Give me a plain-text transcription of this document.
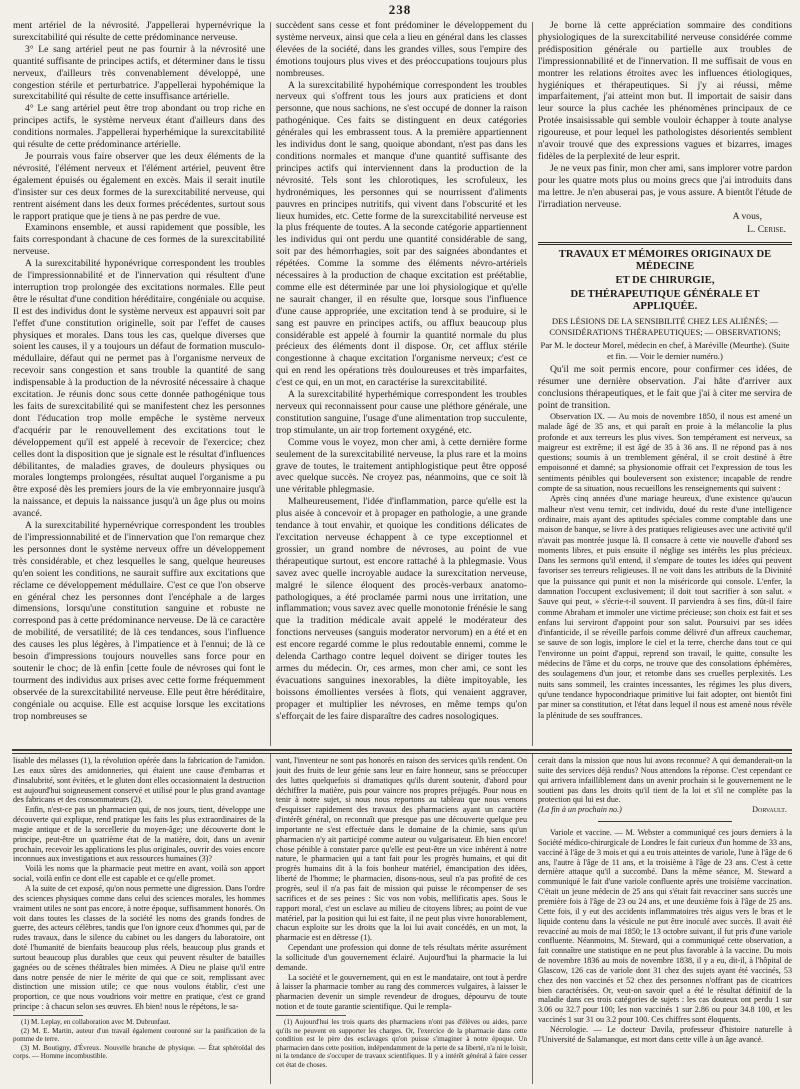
238

ment artériel de la névrosité. J'appellerai hypernévrique la surexcitabilité qui résulte de cette prédominance nerveuse.

3° Le sang artériel peut ne pas fournir à la névrosité une quantité suffisante de principes actifs, et déterminer dans le tissu nerveux, d'ailleurs très convenablement développé, une congestion stérile et perturbatrice. J'appellerai hypohémique la surexcitabilité qui résulte de cette insuffisance artérielle.

4° Le sang artériel peut être trop abondant ou trop riche en principes actifs, le système nerveux étant d'ailleurs dans des conditions normales. J'appellerai hyperhémique la surexcitabilité qui résulte de cette prédominance artérielle.

Je pourrais vous faire observer que les deux éléments de la névrosité, l'élément nerveux et l'élément artériel, peuvent être également épuisés ou également en excès. Mais il serait inutile d'insister sur ces deux formes de la surexcitabilité nerveuse, qui rentrent aisément dans les deux formes précédentes, surtout sous le rapport pratique que je tiens à ne pas perdre de vue.

Examinons ensemble, et aussi rapidement que possible, les faits correspondant à chacune de ces formes de la surexcitabilité nerveuse.

A la surexcitabilité hyponévrique correspondent les troubles de l'impressionnabilité et de l'innervation qui résultent d'une interruption trop prolongée des excitations normales. Elle peut être le résultat d'une condition héréditaire, congéniale ou acquise. Il est des individus dont le système nerveux est appauvri soit par l'effet d'une constitution originelle, soit par l'effet de causes physiques et morales. Dans tous les cas, quelque diverses que soient les causes, il y a toujours un défaut de formation musculo-médullaire, défaut qui ne permet pas à l'organisme nerveux de recevoir sans congestion et sans trouble la quantité de sang indispensable à la production de la névrosité nécessaire à chaque excitation. Je réunis donc sous cette donnée pathogénique tous les faits de surexcitabilité qui se manifestent chez les personnes dont l'éducation trop molle empêche le système nerveux d'acquérir par le renouvellement des excitations tout le développement qu'il est appelé à recevoir de l'exercice; chez celles dont la disposition que je signale est le résultat d'influences débilitantes, de maladies graves, de douleurs physiques ou morales longtemps prolongées, résultat auquel l'organisme a pu être exposé dès les premiers jours de la vie embryonnaire jusqu'à la naissance, et depuis la naissance jusqu'à un âge plus ou moins avancé.

A la surexcitabilité hypernévrique correspondent les troubles de l'impressionnabilité et de l'innervation que l'on remarque chez les personnes dont le système nerveux offre un développement très considérable, et chez lesquelles le sang, quelque heureuses qu'en soient les conditions, ne saurait suffire aux excitations que réclame ce développement médullaire. C'est ce que l'on observe en général chez les personnes dont l'encéphale a de larges dimensions, lorsqu'une constitution sanguine et robuste ne correspond pas à cette prédominance nerveuse. De là ce caractère de mobilité, de versatilité; de là ces tendances, sous l'influence des causes les plus légères, à l'impatience et à l'ennui; de là ce besoin d'impressions toujours nouvelles sans force pour en soutenir le choc; de là enfin [cette foule de névroses qui font le tourment des individus aux prises avec cette forme fréquemment observée de la surexcitabilité nerveuse. Elle peut être héréditaire, congéniale ou acquise. Elle est acquise lorsque les excitations trop nombreuses se

succèdent sans cesse et font prédominer le développement du système nerveux, ainsi que cela a lieu en général dans les classes élevées de la société, dans les grandes villes, sous l'empire des émotions toujours plus vives et des préoccupations toujours plus nombreuses.

A la surexcitabilité hypohémique correspondent les troubles nerveux qui s'offrent tous les jours aux praticiens et dont personne, que nous sachions, ne s'est occupé de donner la raison pathogénique. Ces faits se distinguent en deux catégories générales qui les embrassent tous. A la première appartiennent les individus dont le sang, quoique abondant, n'est pas dans les conditions normales et manque d'une quantité suffisante des principes actifs qui interviennent dans la production de la névrosité. Tels sont les chlorotiques, les scrofuleux, les hydronémiques, les personnes qui se nourrissent d'aliments pauvres en principes nutritifs, qui vivent dans l'obscurité et les lieux humides, etc. Cette forme de la surexcitabilité nerveuse est la plus fréquente de toutes. A la seconde catégorie appartiennent les individus qui ont perdu une quantité considérable de sang, soit par des hémorrhagies, soit par des saignées abondantes et répétées. Comme la somme des éléments névro-artériels nécessaires à la production de chaque excitation est préétablie, comme elle est déterminée par une loi physiologique et qu'elle ne saurait changer, il en résulte que, lorsque sous l'influence d'une cause appropriée, une excitation tend à se produire, si le sang est pauvre en principes actifs, ou afflux beaucoup plus considérable est appelé à fournir la quantité normale du plus précieux des éléments dont il dispose. Or, cet afflux stérile congestionne à chaque excitation l'organisme nerveux; c'est ce qui en rend les opérations très douloureuses et très imparfaites, c'est ce qui, en un mot, en caractérise la surexcitabilité.

A la surexcitabilité hyperhémique correspondent les troubles nerveux qui reconnaissent pour cause une pléthore générale, une constitution sanguine, l'usage d'une alimentation trop succulente, trop stimulante, un air trop fortement oxygéné, etc.

Comme vous le voyez, mon cher ami, à cette dernière forme seulement de la surexcitabilité nerveuse, la plus rare et la moins grave de toutes, le traitement antiphlogistique peut être opposé avec quelque succès. Ne croyez pas, néanmoins, que ce soit là une véritable phlegmasie.

Malheureusement, l'idée d'inflammation, parce qu'elle est la plus aisée à concevoir et à propager en pathologie, a une grande tendance à tout envahir, et quoique les conditions délicates de l'excitation nerveuse échappent à ce type exceptionnel et grossier, un grand nombre de névroses, au point de vue thérapeutique surtout, est encore rattaché à la phlegmasie. Vous savez avec quelle incroyable audace la surexcitation nerveuse, malgré le silence éloquent des procès-verbaux anatomo-pathologiques, a été proclamée parmi nous une irritation, une inflammation; vous savez avec quelle monotonie frénésie le sang que la tradition médicale avait appelé le modérateur des fonctions nerveuses (sanguis moderator nervorum) en a été et en est encore regardé comme le plus redoutable ennemi, comme le delenda Carthago contre lequel doivent se diriger toutes les armes du médecin. Or, ces armes, mon cher ami, ce sont les évacuations sanguines inexorables, la diète impitoyable, les boissons émollientes versées à flots, qui venaient aggraver, propager et multiplier les névroses, en même temps qu'on s'efforçait de les faire disparaître des cadres nosologiques.

Je borne là cette appréciation sommaire des conditions physiologiques de la surexcitabilité nerveuse considérée comme prédisposition générale ou partielle aux troubles de l'impressionnabilité et de l'innervation. Il me suffisait de vous en montrer les relations étroites avec les influences étiologiques, hygiéniques et thérapeutiques. Si j'y ai réussi, même imparfaitement, j'ai atteint mon but. Il importait de saisir dans leur source la plus cachée les phénomènes principaux de ce Protée insaisissable qui semble vouloir échapper à toute analyse rigoureuse, et pour lequel les pathologistes désorientés semblent n'avoir trouvé que des expressions vagues et bizarres, images fidèles de la perplexité de leur esprit.

Je ne veux pas finir, mon cher ami, sans implorer votre pardon pour les quatre mots plus ou moins grecs que j'ai introduits dans ma lettre. Je n'en abuserai pas, je vous assure. A bientôt l'étude de l'irradiation nerveuse.

A vous,

L. Cerise.

TRAVAUX ET MÉMOIRES ORIGINAUX DE MÉDECINE

ET DE CHIRURGIE,

DE THÉRAPEUTIQUE GÉNÉRALE ET APPLIQUÉE.

DES LÉSIONS DE LA SENSIBILITÉ CHEZ LES ALIÉNÉS; — CONSIDÉRATIONS THÉRAPEUTIQUES; — OBSERVATIONS;

Par M. le docteur Morel, médecin en chef, à Maréville (Meurthe). (Suite et fin. — Voir le dernier numéro.)

Qu'il me soit permis encore, pour confirmer ces idées, de résumer une dernière observation. J'ai hâte d'arriver aux conclusions thérapeutiques, et le fait que j'ai à citer me servira de point de transition.

Observation IX. — Au mois de novembre 1850, il nous est amené un malade âgé de 35 ans, et qui paraît en proie à la mélancolie la plus profonde et aux terreurs les plus vives. Son tempérament est nerveux, sa maigreur est extrême; il est âgé de 35 à 36 ans. Il ne répond pas à nos questions; soumis à un tremblement général, il se croit destiné à être empoisonné et damné; sa physionomie offrait cet l'expression de tous les sentiments pénibles qui bouleversent son existence; incapable de rendre compte de sa situation, nous recueillons les renseignements qui suivent :

Après cinq années d'une mariage heureux, d'une existence qu'aucun malheur n'est venu ternir, cet individu, doué du reste d'une intelligence ordinaire, mais ayant des aptitudes spéciales comme comptable dans une maison de banque, se livre à des pratiques religieuses avec une activité qu'il n'avait pas montrée jusque là. Il consacre à cette vie nouvelle d'abord ses moments libres, et puis ensuite il néglige ses intérêts les plus précieux. Dans les sermons qu'il entend, il s'empare de toutes les idées qui peuvent favoriser ses terreurs religieuses. Il ne voit dans les attributs de la Divinité que la puissance qui punit et non la miséricorde qui console. L'enfer, la damnation l'occupent exclusivement; il doit tout sacrifier à son salut. « Sauve qui peut, » s'écrie-t-il souvent. Il parviendra à ses fins, dût-il faire comme Abraham et immoler une victime précieuse; son choix est fait et ses enfans lui serviront d'appoint pour son salut. Poursuivi par ses idées d'infanticide, il se réveille parfois comme délivré d'un affreux cauchemar, se sauve de son logis, implore le ciel et la terre, cherche dans tout ce qui l'environne un point d'appui, reprend son travail, le quitte, consulte les médecins de l'âme et du corps, ne trouve que des consolations éphémères, des soulagemens d'un jour, et retombe dans ses cruelles perplexités. Les nuits sans sommeil, les craintes incessantes, les régimes les plus divers, qu'une tendance hypocondriaque primitive lui fait adopter, ont bientôt fini par miner sa constitution, et l'état dans lequel il nous est amené nous révèle la plénitude de ses souffrances.

lisable des mélasses (1), la révolution opérée dans la fabrication de l'amidon. Les eaux sûres des amidonneries, qui étaient une cause d'embarras et d'insalubrité, sont évitées, et le gluten dont elles occasionnaient la destruction est aujourd'hui soigneusement conservé et utilisé pour le plus grand avantage des fabricans et des consommateurs (2).

Enfin, n'est-ce pas un pharmacien qui, de nos jours, tient, développe une découverte qui explique, rend pratique les faits les plus extraordinaires de la magie antique et de la sorcellerie du moyen-âge; une découverte dont le principe, peut-être un quatrième état de la matière, doit, dans un avenir prochain, recevoir les applications les plus originales, ouvrir des voies encore inconnues aux investigations et aux ressources humaines (3)?

Voilà les noms que la pharmacie peut mettre en avant, voilà son apport social, voilà enfin ce dont elle est capable et ce qu'elle promet.

A la suite de cet exposé, qu'on nous permette une digression. Dans l'ordre des sciences physiques comme dans celui des sciences morales, les hommes vraiment utiles ne sont pas encore, à notre époque, suffisamment honorés. On voit dans toutes les classes de la société les noms des grands fondres de guerre, des acteurs célèbres, tandis que l'on ignore ceux d'hommes qui, par de rudes travaux, dans le silence du cabinet ou les dangers du laboratoire, ont doté l'humanité de bienfaits beaucoup plus réels, beaucoup plus grands et surtout beaucoup plus durables que ceux qui peuvent résulter de batailles gagnées ou de scènes théâtrales bien mimées. A Dieu ne plaise qu'il entre dans notre pensée de nier le mérite de qui que ce soit, remplissant avec distinction une mission utile; ce que nous voulons établir, c'est une proportion, ce que nous voudrions voir mettre en pratique, c'est ce grand principe : à chacun selon ses œuvres. Eh bien! nous le répétons, le sa-

(1) M. Leplay, en collaboration avec M. Dubrunfaut.

(2) M. E. Martin, auteur d'un travail également couronné sur la panification de la pomme de terre.

(3) M. Boutigny, d'Évreux. Nouvelle branche de physique. — État sphéroïdal des corps. — Homme incombustible.

vant, l'inventeur ne sont pas honorés en raison des services qu'ils rendent. On jouit des fruits de leur génie sans leur en faire honneur, sans se préoccuper des luttes quelquefois si dramatiques qu'ils durent soutenir, d'abord pour déchiffrer la matière, puis pour vaincre nos propres préjugés. Pour nous en tenir à notre sujet, si nous nous reportons au tableau que nous venons d'esquisser rapidement des travaux des pharmaciens ayant un caractère d'intérêt général, on reconnaît que presque pas une découverte quelque peu importante ne s'est effectuée dans le domaine de la chimie, sans qu'un pharmacien n'y ait participé comme auteur ou vulgarisateur. Eh bien encore! chose pénible à constater parce qu'elle est peut-être un vice inhérent à notre nature, le pharmacien qui a tant fait pour les progrès humains, et qui dit progrès humains dit à la fois bonheur matériel, émancipation des idées, liberté de l'homme; le pharmacien, disons-nous, seul n'a pas profité de ces progrès, seul il n'a pas fait de mission qui puisse le récompenser de ses sacrifices et de ses peines : Sic vos non vobis, mellificatis apes. Sous le rapport moral, c'est un esclave au milieu de citoyens libres; au point de vue matériel, par la position qui lui est faite, il ne peut plus vivre honorablement, chacun exploite sur les droits que la loi lui avait concédés, en un mot, la pharmacie est en détresse (1).

Cependant une profession qui donne de tels résultats mérite assurément la sollicitude d'un gouvernement éclairé. Aujourd'hui la pharmacie la lui demande.

La société et le gouvernement, qui en est le mandataire, ont tout à perdre à laisser la pharmacie tomber au rang des commerces vulgaires, à laisser le pharmacien devenir un simple revendeur de drogues, dépourvu de toute notion et de toute garantie scientifique. Qui le rempla-

(1) Aujourd'hui les trois quarts des pharmaciens n'ont pas d'élèves ou aides, parce qu'ils ne peuvent en supporter les charges. Or, l'exercice de la pharmacie dans cette condition est le père des esclavages qu'on puisse s'imaginer à notre époque. Un pharmacien dans cette position, indépendamment de la perte de sa liberté, n'a ni le loisir, ni la tendance de s'occuper de travaux scientifiques. Il y a intérêt général à faire cesser cet état de choses.

cerait dans la mission que nous lui avons reconnue? A qui demanderait-on la suite des services déjà rendus? Nous attendons la réponse. C'est cependant ce qui arrivera infailliblement dans un avenir prochain si le gouvernement ne le soutient pas dans les droits qu'il tient de la loi et s'il ne complète pas la protection qui lui est due.

(La fin à un prochain no.)	Dorvault.

Variole et vaccine. — M. Webster a communiqué ces jours derniers à la Société médico-chirurgicale de Londres le fait curieux d'un homme de 33 ans, vacciné à l'âge de 3 mois et qui a eu trois atteintes de variole, l'une à l'âge de 6 ans, l'autre à l'âge de 11 ans, et la troisième à l'âge de 23 ans. C'est à cette dernière attaque qu'il a succombé. Dans la même séance, M. Steward a communiqué le fait d'une variole confluente après une troisième vaccination. C'était un jeune médecin de 25 ans qui s'était fait revacciner sans succès une première fois à l'âge de 23 ou 24 ans, et une deuxième fois à l'âge de 25 ans. Cette fois, il y eut des accidents inflammatoires très aigus vers le bras et le liquide contenu dans la vésicule ne put être inoculé avec succès. Il avait été revacciné au mois de mai 1850; le 13 octobre suivant, il fut pris d'une variole confluente. Néanmoins, M. Steward, qui a communiqué cette observation, a fait connaître une statistique en ne peut plus favorable à la vaccine. Du mois de novembre 1836 au mois de novembre 1838, il y a eu, dit-il, à l'hôpital de Glascow, 126 cas de variole dont 31 chez des sujets ayant été vaccinés, 53 chez des non vaccinés et 52 chez des personnes n'offrant pas de cicatrices bien caractérisées. Or, veut-on savoir quel a été le résultat définitif de la maladie dans ces trois catégories de sujets : les cas douteux ont perdu 1 sur 3.06 ou 32.7 pour 100; les non vaccinés 1 sur 2.86 ou pour 34.8 100, et les vaccinés 1 sur 31 ou 3.2 pour 100. Ces chiffres sont éloquents.

Nécrologie. — Le docteur Davila, professeur d'histoire naturelle à l'Université de Salamanque, est mort dans cette ville à un âge avancé.
